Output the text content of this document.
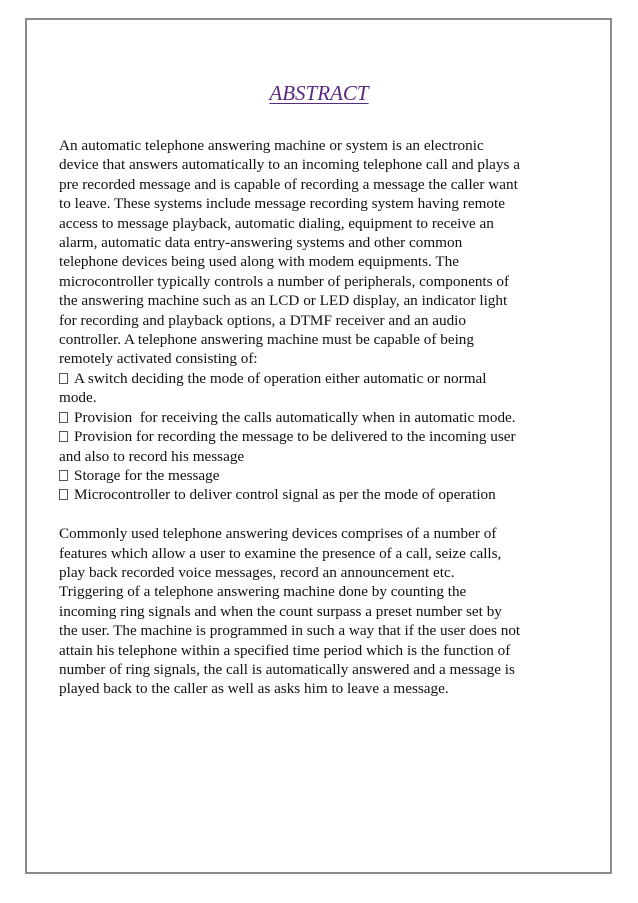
ABSTRACT
An automatic telephone answering machine or system is an electronic
device that answers automatically to an incoming telephone call and plays a
pre recorded message and is capable of recording a message the caller want
to leave. These systems include message recording system having remote
access to message playback, automatic dialing, equipment to receive an
alarm, automatic data entry-answering systems and other common
telephone devices being used along with modem equipments. The
microcontroller typically controls a number of peripherals, components of
the answering machine such as an LCD or LED display, an indicator light
for recording and playback options, a DTMF receiver and an audio
controller. A telephone answering machine must be capable of being
remotely activated consisting of:
A switch deciding the mode of operation either automatic or normal
mode.
Provision  for receiving the calls automatically when in automatic mode.
Provision for recording the message to be delivered to the incoming user
and also to record his message
Storage for the message
Microcontroller to deliver control signal as per the mode of operation
Commonly used telephone answering devices comprises of a number of
features which allow a user to examine the presence of a call, seize calls,
play back recorded voice messages, record an announcement etc.
Triggering of a telephone answering machine done by counting the
incoming ring signals and when the count surpass a preset number set by
the user. The machine is programmed in such a way that if the user does not
attain his telephone within a specified time period which is the function of
number of ring signals, the call is automatically answered and a message is
played back to the caller as well as asks him to leave a message.
